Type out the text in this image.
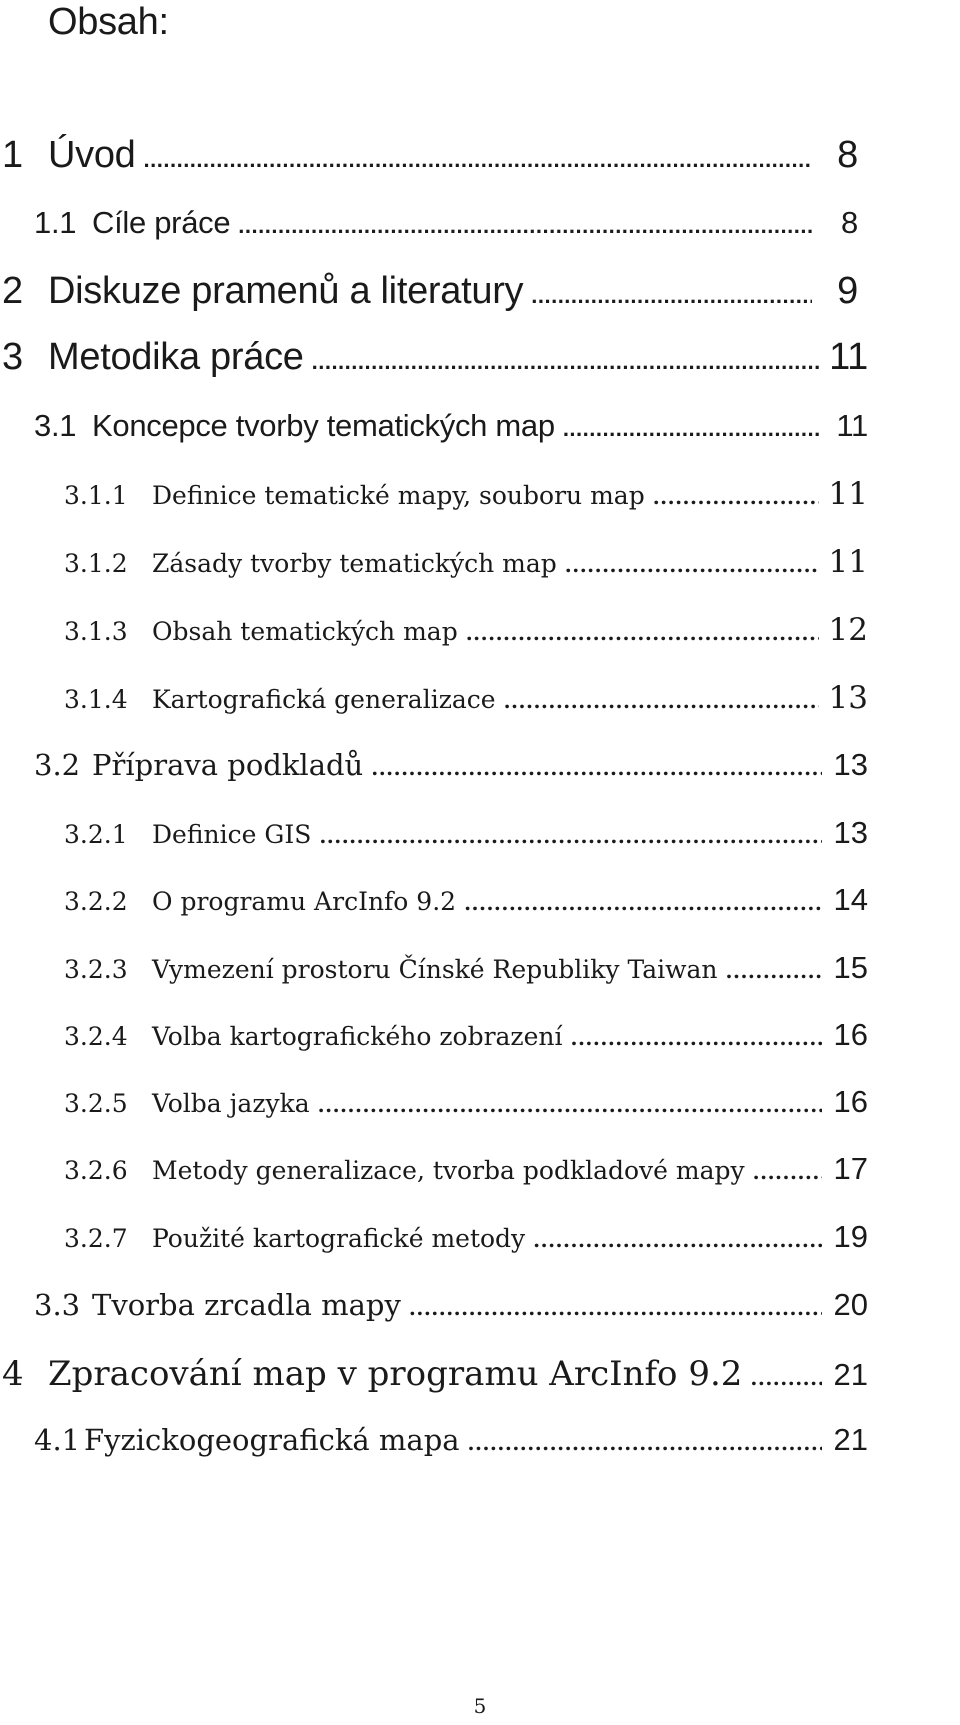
Obsah:
1 Úvod .....	8
1.1 Cíle práce .....	8
2 Diskuze pramenů a literatury .....	9
3 Metodika práce .....	11
3.1 Koncepce tvorby tematických map .....	11
3.1.1 Definice tematické mapy, souboru map .....	11
3.1.2 Zásady tvorby tematických map .....	11
3.1.3 Obsah tematických map .....	12
3.1.4 Kartografická generalizace .....	13
3.2 Příprava podkladů .....	13
3.2.1 Definice GIS .....	13
3.2.2 O programu ArcInfo 9.2 .....	14
3.2.3 Vymezení prostoru Čínské Republiky Taiwan .....	15
3.2.4 Volba kartografického zobrazení .....	16
3.2.5 Volba jazyka .....	16
3.2.6 Metody generalizace, tvorba podkladové mapy .....	17
3.2.7 Použité kartografické metody .....	19
3.3 Tvorba zrcadla mapy .....	20
4 Zpracování map v programu ArcInfo 9.2 .....	21
4.1 Fyzickogeografická mapa .....	21
5
